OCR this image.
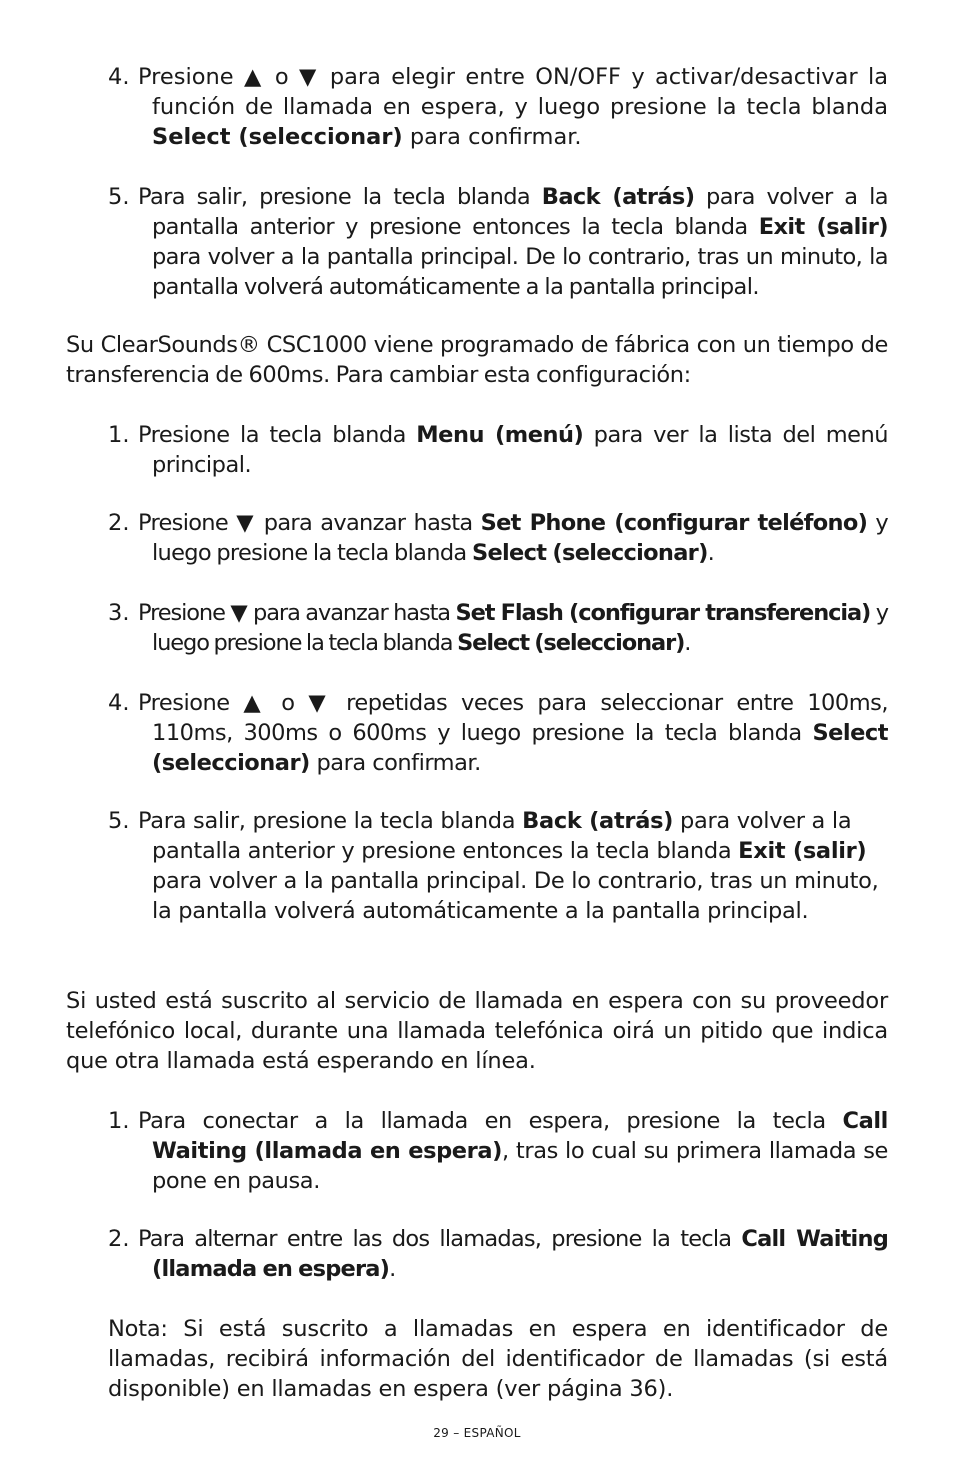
4. Presione ▲ o ▼ para elegir entre ON/OFF y activar/desactivar la función de llamada en espera, y luego presione la tecla blanda Select (seleccionar) para confirmar.
5. Para salir, presione la tecla blanda Back (atrás) para volver a la pantalla anterior y presione entonces la tecla blanda Exit (salir) para volver a la pantalla principal. De lo contrario, tras un minuto, la pantalla volverá automáticamente a la pantalla principal.
Su ClearSounds® CSC1000 viene programado de fábrica con un tiempo de transferencia de 600ms. Para cambiar esta configuración:
1. Presione la tecla blanda Menu (menú) para ver la lista del menú principal.
2. Presione ▼ para avanzar hasta Set Phone (configurar teléfono) y luego presione la tecla blanda Select (seleccionar).
3. Presione ▼ para avanzar hasta Set Flash (configurar transferencia) y luego presione la tecla blanda Select (seleccionar).
4. Presione ▲ o ▼ repetidas veces para seleccionar entre 100ms, 110ms, 300ms o 600ms y luego presione la tecla blanda Select (seleccionar) para confirmar.
5. Para salir, presione la tecla blanda Back (atrás) para volver a la pantalla anterior y presione entonces la tecla blanda Exit (salir) para volver a la pantalla principal. De lo contrario, tras un minuto, la pantalla volverá automáticamente a la pantalla principal.
Si usted está suscrito al servicio de llamada en espera con su proveedor telefónico local, durante una llamada telefónica oirá un pitido que indica que otra llamada está esperando en línea.
1. Para conectar a la llamada en espera, presione la tecla Call Waiting (llamada en espera), tras lo cual su primera llamada se pone en pausa.
2. Para alternar entre las dos llamadas, presione la tecla Call Waiting (llamada en espera).
Nota: Si está suscrito a llamadas en espera en identificador de llamadas, recibirá información del identificador de llamadas (si está disponible) en llamadas en espera (ver página 36).
29 – ESPAÑOL
